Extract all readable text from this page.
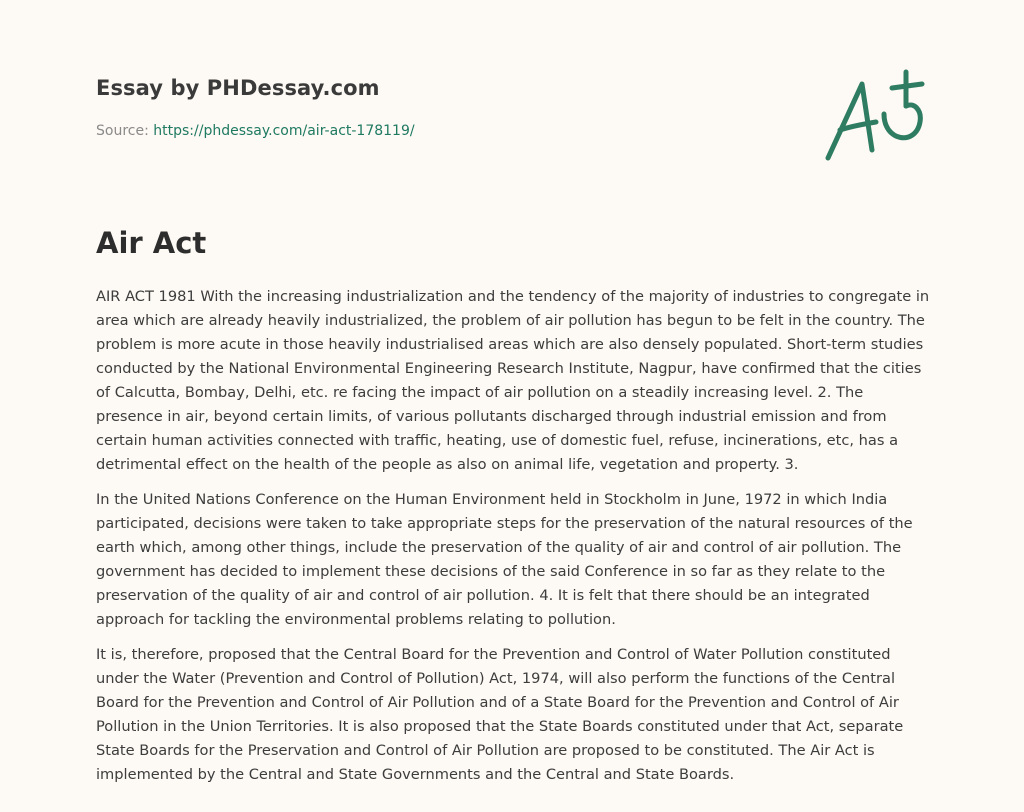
Essay by PHDessay.com
Source: https://phdessay.com/air-act-178119/
Air Act

AIR ACT 1981 With the increasing industrialization and the tendency of the majority of industries to congregate in area which are already heavily industrialized, the problem of air pollution has begun to be felt in the country. The problem is more acute in those heavily industrialised areas which are also densely populated. Short-term studies conducted by the National Environmental Engineering Research Institute, Nagpur, have confirmed that the cities of Calcutta, Bombay, Delhi, etc. re facing the impact of air pollution on a steadily increasing level. 2. The presence in air, beyond certain limits, of various pollutants discharged through industrial emission and from certain human activities connected with traffic, heating, use of domestic fuel, refuse, incinerations, etc, has a detrimental effect on the health of the people as also on animal life, vegetation and property. 3.

In the United Nations Conference on the Human Environment held in Stockholm in June, 1972 in which India participated, decisions were taken to take appropriate steps for the preservation of the natural resources of the earth which, among other things, include the preservation of the quality of air and control of air pollution. The government has decided to implement these decisions of the said Conference in so far as they relate to the preservation of the quality of air and control of air pollution. 4. It is felt that there should be an integrated approach for tackling the environmental problems relating to pollution.

It is, therefore, proposed that the Central Board for the Prevention and Control of Water Pollution constituted under the Water (Prevention and Control of Pollution) Act, 1974, will also perform the functions of the Central Board for the Prevention and Control of Air Pollution and of a State Board for the Prevention and Control of Air Pollution in the Union Territories. It is also proposed that the State Boards constituted under that Act, separate State Boards for the Preservation and Control of Air Pollution are proposed to be constituted. The Air Act is implemented by the Central and State Governments and the Central and State Boards.
